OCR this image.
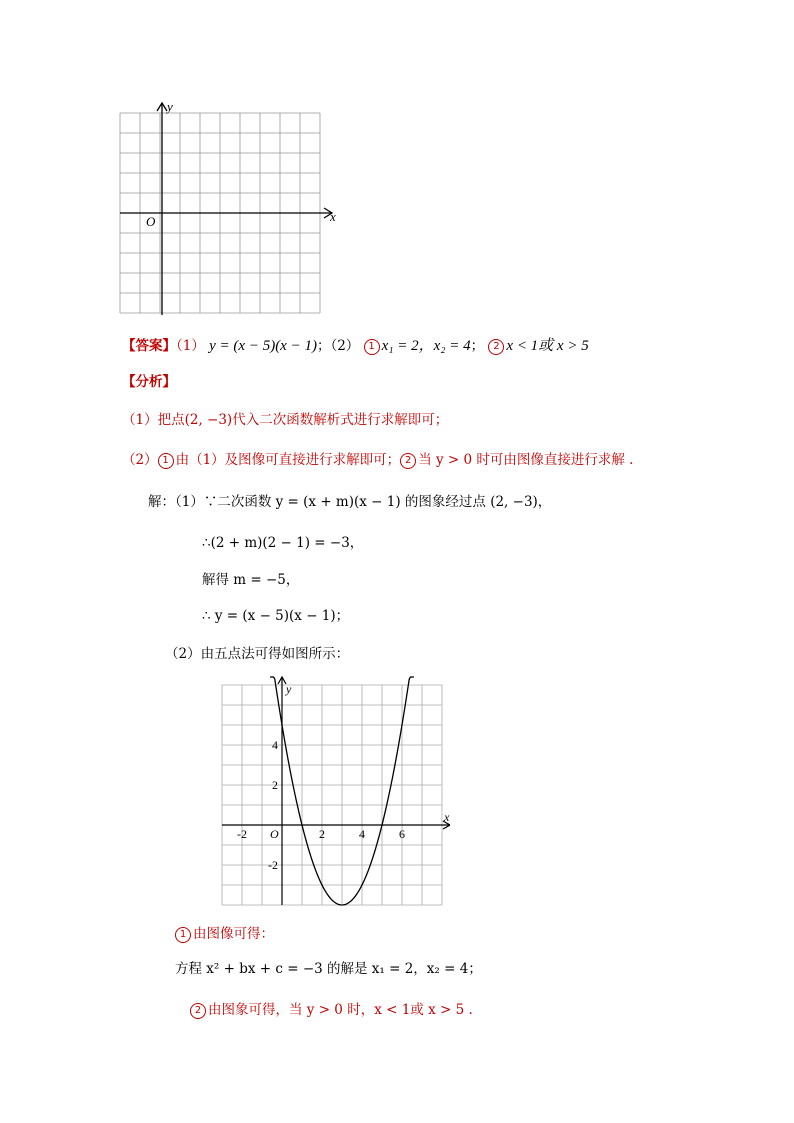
x
y
O
【答案】（1） y = (x − 5)(x − 1)；（2） 1 x₁ = 2，x₂ = 4； 2 x < 1或 x > 5
【分析】
（1）把点(2, −3)代入二次函数解析式进行求解即可；
（2） 1 由（1）及图像可直接进行求解即可； 2 当 y > 0 时可由图像直接进行求解 .
解：（1）∵二次函数 y = (x + m)(x − 1) 的图象经过点 (2, −3)，
∴(2 + m)(2 − 1) = −3，
解得 m = −5，
∴ y = (x − 5)(x − 1)；
（2）由五点法可得如图所示：
-2	2	4	6
4
2
-2
O
x
y
1 由图像可得：
方程 x² + bx + c = −3 的解是 x₁ = 2，x₂ = 4；
2 由图象可得，当 y > 0 时，x < 1或 x > 5 .
